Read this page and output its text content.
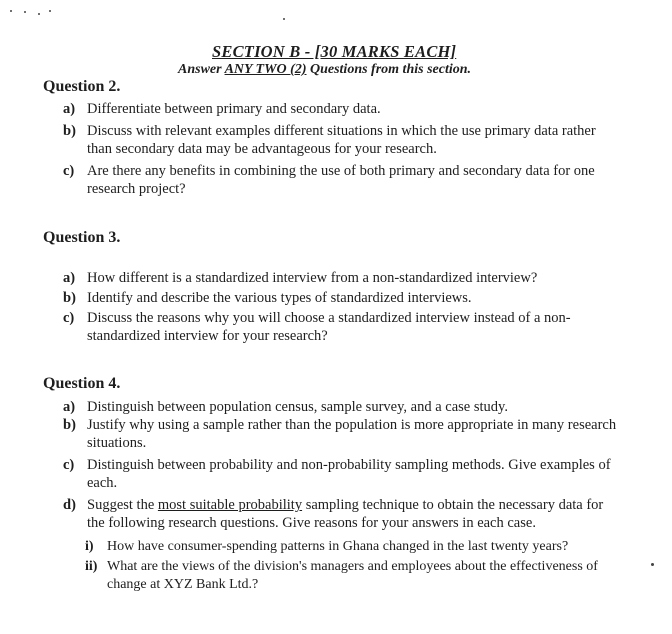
SECTION B - [30 MARKS EACH]
Answer ANY TWO (2) Questions from this section.
Question 2.
a) Differentiate between primary and secondary data.
b) Discuss with relevant examples different situations in which the use primary data rather than secondary data may be advantageous for your research.
c) Are there any benefits in combining the use of both primary and secondary data for one research project?
Question 3.
a) How different is a standardized interview from a non-standardized interview?
b) Identify and describe the various types of standardized interviews.
c) Discuss the reasons why you will choose a standardized interview instead of a non-standardized interview for your research?
Question 4.
a) Distinguish between population census, sample survey, and a case study.
b) Justify why using a sample rather than the population is more appropriate in many research situations.
c) Distinguish between probability and non-probability sampling methods. Give examples of each.
d) Suggest the most suitable probability sampling technique to obtain the necessary data for the following research questions. Give reasons for your answers in each case.
i) How have consumer-spending patterns in Ghana changed in the last twenty years?
ii) What are the views of the division's managers and employees about the effectiveness of change at XYZ Bank Ltd.?
